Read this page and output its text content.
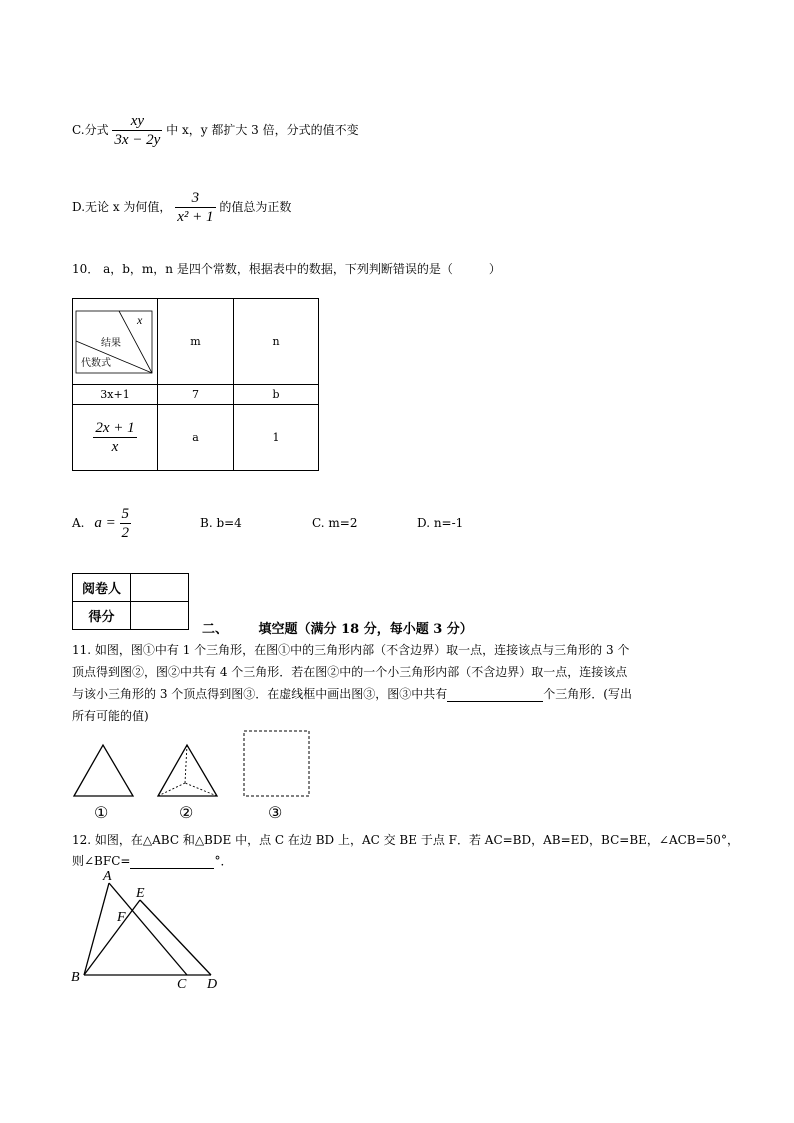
C.分式 $\frac{xy}{3x - 2y}$ 中 x，y 都扩大 3 倍，分式的值不变
D.无论 x 为何值， $\frac{3}{\text{x² + 1}}$ 的值总为正数
10． a，b，m，n 是四个常数，根据表中的数据，下列判断错误的是（　　　）
x
结果
代数式	m	n
3x+1	7	b

$\frac{2x + 1}{x}$	a	1
A. $a = \frac{5}{2}$	B. b=4	C. m=2	D. n=-1
阅卷人	
得分	
二、 填空题（满分 18 分，每小题 3 分）
11. 如图，图①中有 1 个三角形，在图①中的三角形内部（不含边界）取一点，连接该点与三角形的 3 个
顶点得到图②，图②中共有 4 个三角形．若在图②中的一个小三角形内部（不含边界）取一点，连接该点
与该小三角形的 3 个顶点得到图③．在虚线框中画出图③，图③中共有	个三角形．(写出
所有可能的值)
①	②	③
12. 如图，在△ABC 和△BDE 中，点 C 在边 BD 上，AC 交 BE 于点 F．若 AC=BD，AB=ED，BC=BE，∠ACB=50°，
则∠BFC=	°．
A
E
F
B	C D
